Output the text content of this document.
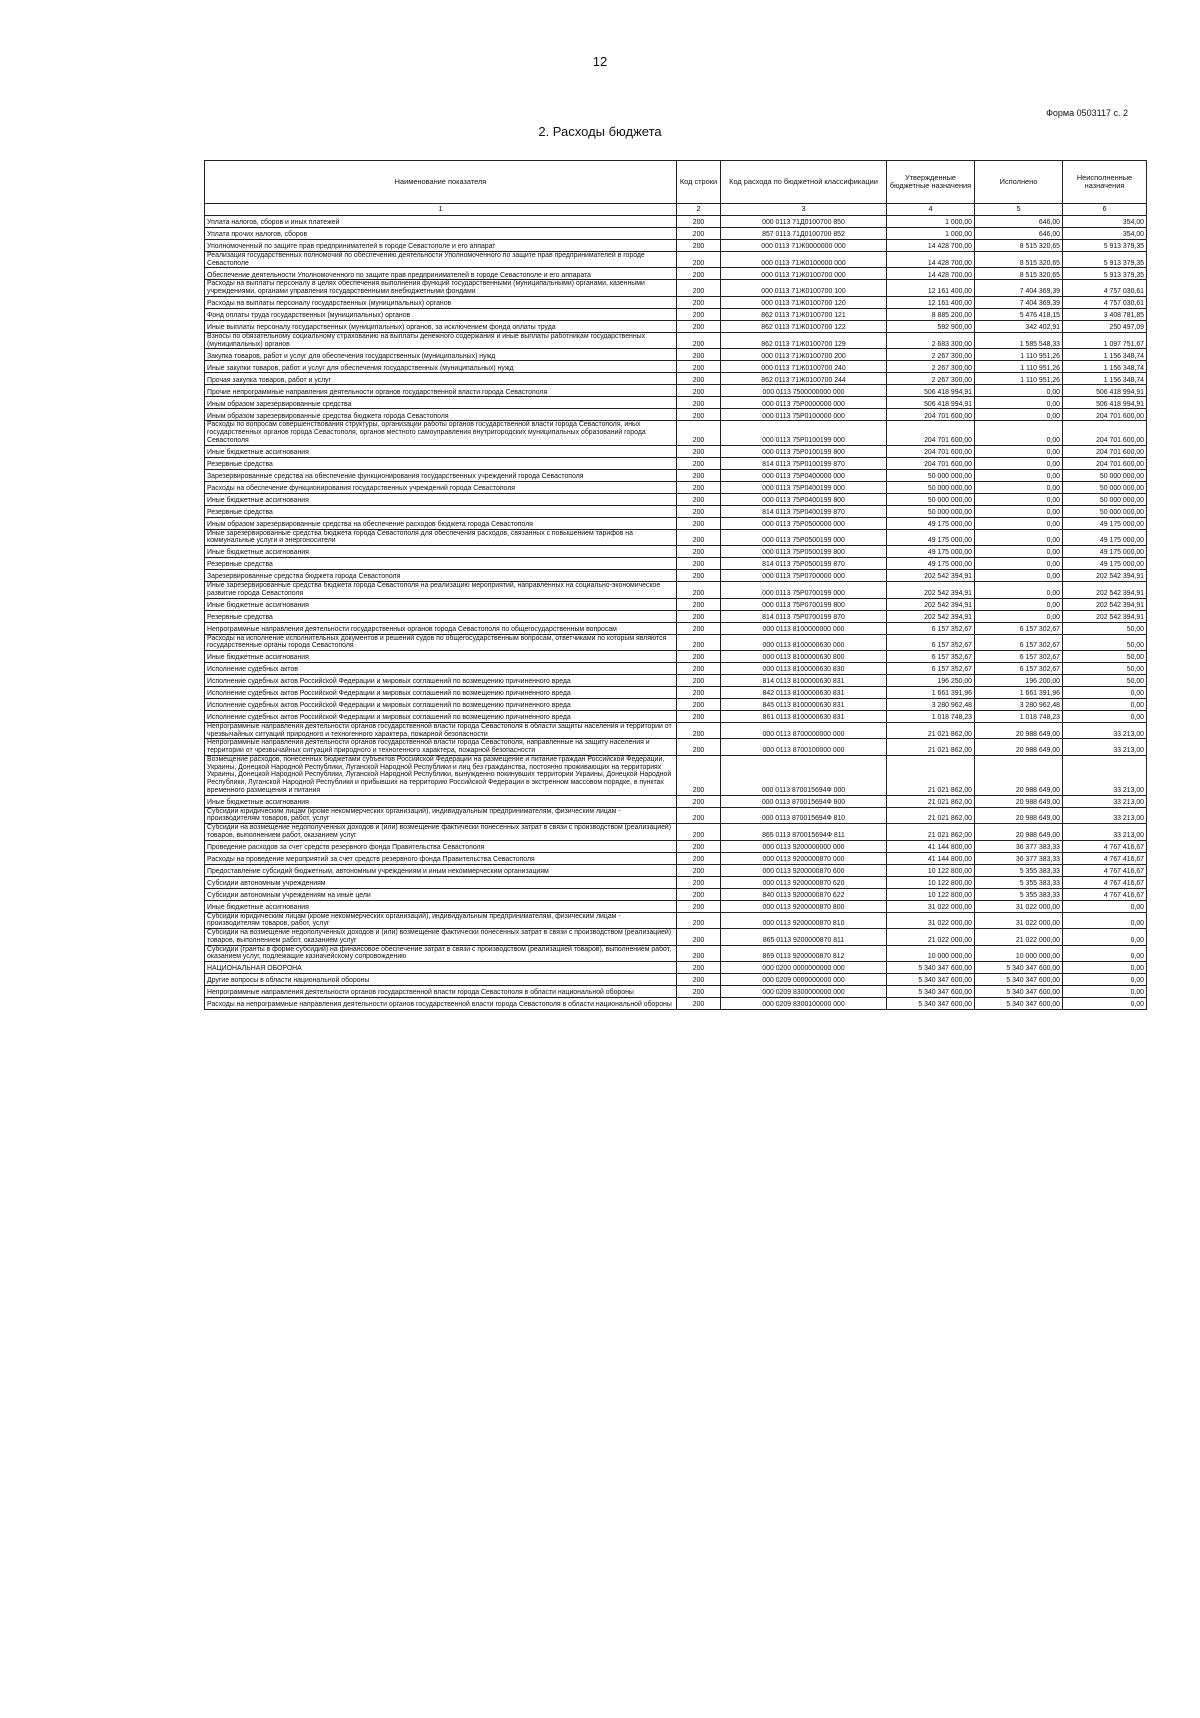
12
Форма 0503117 с. 2
2. Расходы бюджета
Наименование показателя	Код строки	Код расхода по бюджетной классификации	Утвержденные бюджетные назначения	Исполнено	Неисполненные назначения
1	2	3	4	5	6
Уплата налогов, сборов и иных платежей	200	000 0113 71Д0100700 850	1 000,00	646,00	354,00
Уплата прочих налогов, сборов	200	857 0113 71Д0100700 852	1 000,00	646,00	354,00
Уполномоченный по защите прав предпринимателей в городе Севастополе и его аппарат	200	000 0113 71Ж0000000 000	14 428 700,00	8 515 320,65	5 913 379,35
Реализация государственных полномочий по обеспечению деятельности Уполномоченного по защите прав предпринимателей в городе Севастополе	200	000 0113 71Ж0100000 000	14 428 700,00	8 515 320,65	5 913 379,35
Обеспечение деятельности Уполномоченного по защите прав предпринимателей в городе Севастополе и его аппарата	200	000 0113 71Ж0100700 000	14 428 700,00	8 515 320,65	5 913 379,35
Расходы на выплаты персоналу в целях обеспечения выполнения функций государственными (муниципальными) органами, казенными учреждениями, органами управления государственными внебюджетными фондами	200	000 0113 71Ж0100700 100	12 161 400,00	7 404 369,39	4 757 030,61
Расходы на выплаты персоналу государственных (муниципальных) органов	200	000 0113 71Ж0100700 120	12 161 400,00	7 404 369,39	4 757 030,61
Фонд оплаты труда государственных (муниципальных) органов	200	862 0113 71Ж0100700 121	8 885 200,00	5 476 418,15	3 408 781,85
Иные выплаты персоналу государственных (муниципальных) органов, за исключением фонда оплаты труда	200	862 0113 71Ж0100700 122	592 900,00	342 402,91	250 497,09
Взносы по обязательному социальному страхованию на выплаты денежного содержания и иные выплаты работникам государственных (муниципальных) органов	200	862 0113 71Ж0100700 129	2 683 300,00	1 585 548,33	1 097 751,67
Закупка товаров, работ и услуг для обеспечения государственных (муниципальных) нужд	200	000 0113 71Ж0100700 200	2 267 300,00	1 110 951,26	1 156 348,74
Иные закупки товаров, работ и услуг для обеспечения государственных (муниципальных) нужд	200	000 0113 71Ж0100700 240	2 267 300,00	1 110 951,26	1 156 348,74
Прочая закупка товаров, работ и услуг	200	862 0113 71Ж0100700 244	2 267 300,00	1 110 951,26	1 156 348,74
Прочие непрограммные направления деятельности органов государственной власти города Севастополя	200	000 0113 7500000000 000	506 418 994,91	0,00	506 418 994,91
Иным образом зарезервированные средства	200	000 0113 75Р0000000 000	506 418 994,91	0,00	506 418 994,91
Иным образом зарезервированные средства бюджета города Севастополя	200	000 0113 75Р0100000 000	204 701 600,00	0,00	204 701 600,00
Расходы по вопросам совершенствования структуры, организации работы органов государственной власти города Севастополя, иных государственных органов города Севастополя, органов местного самоуправления внутригородских муниципальных образований города Севастополя	200	000 0113 75Р0100199 000	204 701 600,00	0,00	204 701 600,00
Иные бюджетные ассигнования	200	000 0113 75Р0100199 800	204 701 600,00	0,00	204 701 600,00
Резервные средства	200	814 0113 75Р0100199 870	204 701 600,00	0,00	204 701 600,00
Зарезервированные средства на обеспечение функционирования государственных учреждений города Севастополя	200	000 0113 75Р0400000 000	50 000 000,00	0,00	50 000 000,00
Расходы на обеспечение функционирования государственных учреждений города Севастополя	200	000 0113 75Р0400199 000	50 000 000,00	0,00	50 000 000,00
Иные бюджетные ассигнования	200	000 0113 75Р0400199 800	50 000 000,00	0,00	50 000 000,00
Резервные средства	200	814 0113 75Р0400199 870	50 000 000,00	0,00	50 000 000,00
Иным образом зарезервированные средства на обеспечение расходов бюджета города Севастополя	200	000 0113 75Р0500000 000	49 175 000,00	0,00	49 175 000,00
Иные зарезервированные средства бюджета города Севастополя для обеспечения расходов, связанных с повышением тарифов на коммунальные услуги и энергоносители	200	000 0113 75Р0500199 000	49 175 000,00	0,00	49 175 000,00
Иные бюджетные ассигнования	200	000 0113 75Р0500199 800	49 175 000,00	0,00	49 175 000,00
Резервные средства	200	814 0113 75Р0500199 870	49 175 000,00	0,00	49 175 000,00
Зарезервированные средства бюджета города Севастополя	200	000 0113 75Р0700000 000	202 542 394,91	0,00	202 542 394,91
Иные зарезервированные средства бюджета города Севастополя на реализацию мероприятий, направленных на социально-экономическое развитие города Севастополя	200	000 0113 75Р0700199 000	202 542 394,91	0,00	202 542 394,91
Иные бюджетные ассигнования	200	000 0113 75Р0700199 800	202 542 394,91	0,00	202 542 394,91
Резервные средства	200	814 0113 75Р0700199 870	202 542 394,91	0,00	202 542 394,91
Непрограммные направления деятельности государственных органов города Севастополя по общегосударственным вопросам	200	000 0113 8100000000 000	6 157 352,67	6 157 302,67	50,00
Расходы на исполнение исполнительных документов и решений судов по общегосударственным вопросам, ответчиками по которым являются государственные органы города Севастополя	200	000 0113 8100000630 000	6 157 352,67	6 157 302,67	50,00
Иные бюджетные ассигнования	200	000 0113 8100000630 800	6 157 352,67	6 157 302,67	50,00
Исполнение судебных актов	200	000 0113 8100000630 830	6 157 352,67	6 157 302,67	50,00
Исполнение судебных актов Российской Федерации и мировых соглашений по возмещению причиненного вреда	200	814 0113 8100000630 831	196 250,00	196 200,00	50,00
Исполнение судебных актов Российской Федерации и мировых соглашений по возмещению причиненного вреда	200	842 0113 8100000630 831	1 661 391,96	1 661 391,96	0,00
Исполнение судебных актов Российской Федерации и мировых соглашений по возмещению причиненного вреда	200	845 0113 8100000630 831	3 280 962,48	3 280 962,48	0,00
Исполнение судебных актов Российской Федерации и мировых соглашений по возмещению причиненного вреда	200	861 0113 8100000630 831	1 018 748,23	1 018 748,23	0,00
Непрограммные направления деятельности органов государственной власти города Севастополя в области защиты населения и территории от чрезвычайных ситуаций природного и техногенного характера, пожарной безопасности	200	000 0113 8700000000 000	21 021 862,00	20 988 649,00	33 213,00
Непрограммные направления деятельности органов государственной власти города Севастополя, направленные на защиту населения и территории от чрезвычайных ситуаций природного и техногенного характера, пожарной безопасности	200	000 0113 8700100000 000	21 021 862,00	20 988 649,00	33 213,00
Возмещение расходов, понесенных бюджетами субъектов Российской Федерации на размещение и питание граждан Российской Федерации, Украины, Донецкой Народной Республики, Луганской Народной Республики и лиц без гражданства, постоянно проживающих на территориях Украины, Донецкой Народной Республики, Луганской Народной Республики, вынужденно покинувших территории Украины, Донецкой Народной Республики, Луганской Народной Республики и прибывших на территорию Российской Федерации в экстренном массовом порядке, в пунктах временного размещения и питания	200	000 0113 870015694Ф 000	21 021 862,00	20 988 649,00	33 213,00
Иные бюджетные ассигнования	200	000 0113 870015694Ф 800	21 021 862,00	20 988 649,00	33 213,00
Субсидии юридическим лицам (кроме некоммерческих организаций), индивидуальным предпринимателям, физическим лицам - производителям товаров, работ, услуг	200	000 0113 870015694Ф 810	21 021 862,00	20 988 649,00	33 213,00
Субсидии на возмещение недополученных доходов и (или) возмещение фактически понесенных затрат в связи с производством (реализацией) товаров, выполнением работ, оказанием услуг	200	865 0113 870015694Ф 811	21 021 862,00	20 988 649,00	33 213,00
Проведение расходов за счет средств резервного фонда Правительства Севастополя	200	000 0113 9200000000 000	41 144 800,00	36 377 383,33	4 767 416,67
Расходы на проведение мероприятий за счет средств резервного фонда Правительства Севастополя	200	000 0113 9200000870 000	41 144 800,00	36 377 383,33	4 767 416,67
Предоставление субсидий бюджетным, автономным учреждениям и иным некоммерческим организациям	200	000 0113 9200000870 600	10 122 800,00	5 355 383,33	4 767 416,67
Субсидии автономным учреждениям	200	000 0113 9200000870 620	10 122 800,00	5 355 383,33	4 767 416,67
Субсидии автономным учреждениям на иные цели	200	840 0113 9200000870 622	10 122 800,00	5 355 383,33	4 767 416,67
Иные бюджетные ассигнования	200	000 0113 9200000870 800	31 022 000,00	31 022 000,00	0,00
Субсидии юридическим лицам (кроме некоммерческих организаций), индивидуальным предпринимателям, физическим лицам - производителям товаров, работ, услуг	200	000 0113 9200000870 810	31 022 000,00	31 022 000,00	0,00
Субсидии на возмещение недополученных доходов и (или) возмещение фактически понесенных затрат в связи с производством (реализацией) товаров, выполнением работ, оказанием услуг	200	865 0113 9200000870 811	21 022 000,00	21 022 000,00	0,00
Субсидии (гранты в форме субсидий) на финансовое обеспечение затрат в связи с производством (реализацией товаров), выполнением работ, оказанием услуг, подлежащие казначейскому сопровождению	200	869 0113 9200000870 812	10 000 000,00	10 000 000,00	0,00
НАЦИОНАЛЬНАЯ ОБОРОНА	200	000 0200 0000000000 000	5 340 347 600,00	5 340 347 600,00	0,00
Другие вопросы в области национальной обороны	200	000 0209 0000000000 000	5 340 347 600,00	5 340 347 600,00	0,00
Непрограммные направления деятельности органов государственной власти города Севастополя в области национальной обороны	200	000 0209 8300000000 000	5 340 347 600,00	5 340 347 600,00	0,00
Расходы на непрограммные направления деятельности органов государственной власти города Севастополя в области национальной обороны	200	000 0209 8300100000 000	5 340 347 600,00	5 340 347 600,00	0,00
